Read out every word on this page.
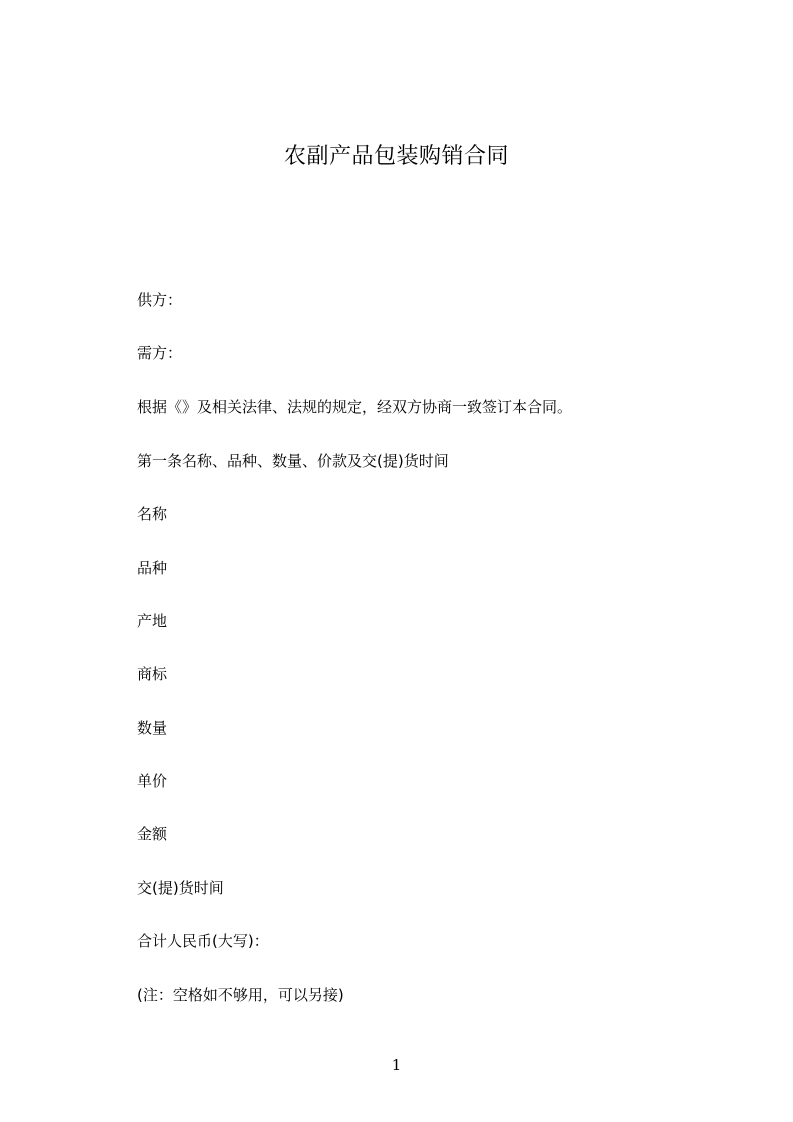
农副产品包装购销合同
供方：
需方：
根据《》及相关法律、法规的规定，经双方协商一致签订本合同。
第一条名称、品种、数量、价款及交(提)货时间
名称
品种
产地
商标
数量
单价
金额
交(提)货时间
合计人民币(大写)：
(注：空格如不够用，可以另接)
1
